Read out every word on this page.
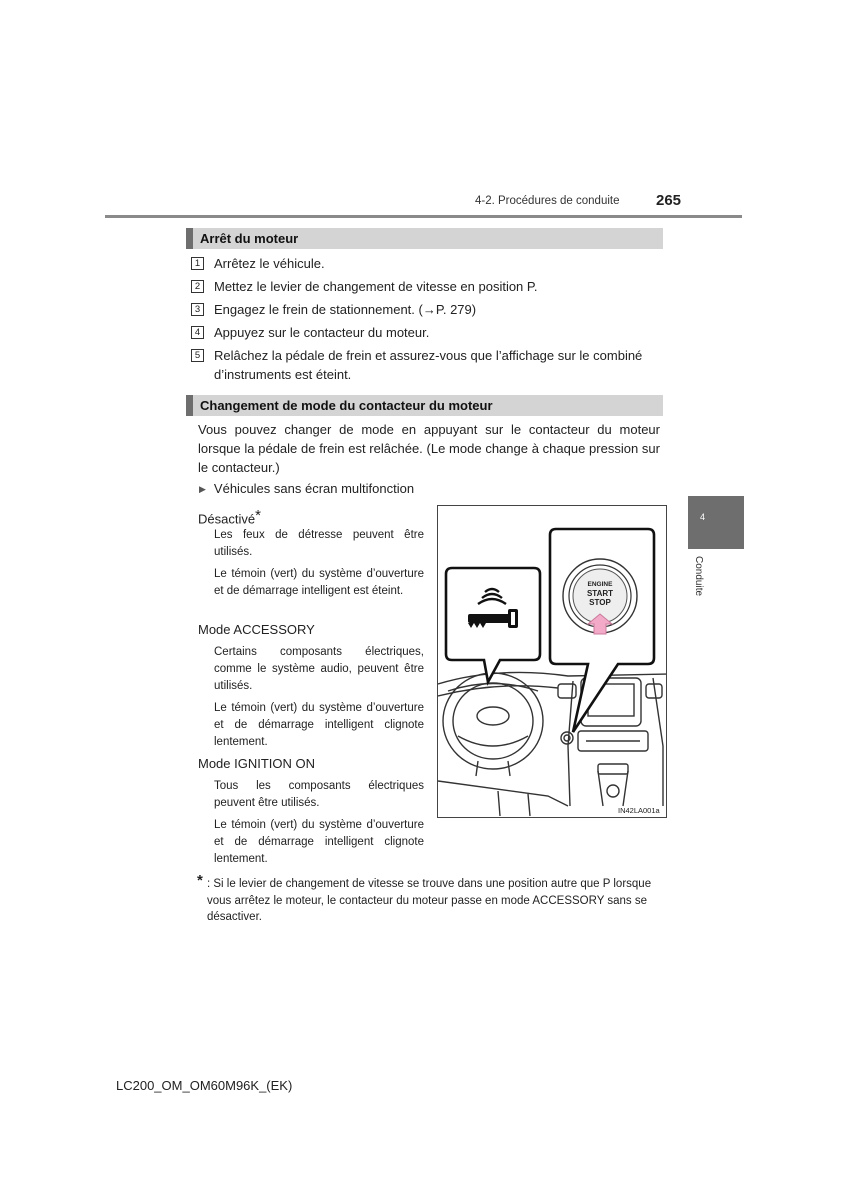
4-2. Procédures de conduite 265
Arrêt du moteur
1 Arrêtez le véhicule.
2 Mettez le levier de changement de vitesse en position P.
3 Engagez le frein de stationnement. (→P. 279)
4 Appuyez sur le contacteur du moteur.
5 Relâchez la pédale de frein et assurez-vous que l’affichage sur le combiné d’instruments est éteint.
Changement de mode du contacteur du moteur
Vous pouvez changer de mode en appuyant sur le contacteur du moteur lorsque la pédale de frein est relâchée. (Le mode change à chaque pression sur le contacteur.)
▶ Véhicules sans écran multifonction
Désactivé*
Les feux de détresse peuvent être utilisés.
Le témoin (vert) du système d’ouverture et de démarrage intelligent est éteint.
Mode ACCESSORY
Certains composants électriques, comme le système audio, peuvent être utilisés.
Le témoin (vert) du système d’ouverture et de démarrage intelligent clignote lentement.
Mode IGNITION ON
Tous les composants électriques peuvent être utilisés.
Le témoin (vert) du système d’ouverture et de démarrage intelligent clignote lentement.
ENGINE
START
STOP
IN42LA001a
4
Conduite
* : Si le levier de changement de vitesse se trouve dans une position autre que P lorsque vous arrêtez le moteur, le contacteur du moteur passe en mode ACCESSORY sans se désactiver.
LC200_OM_OM60M96K_(EK)
